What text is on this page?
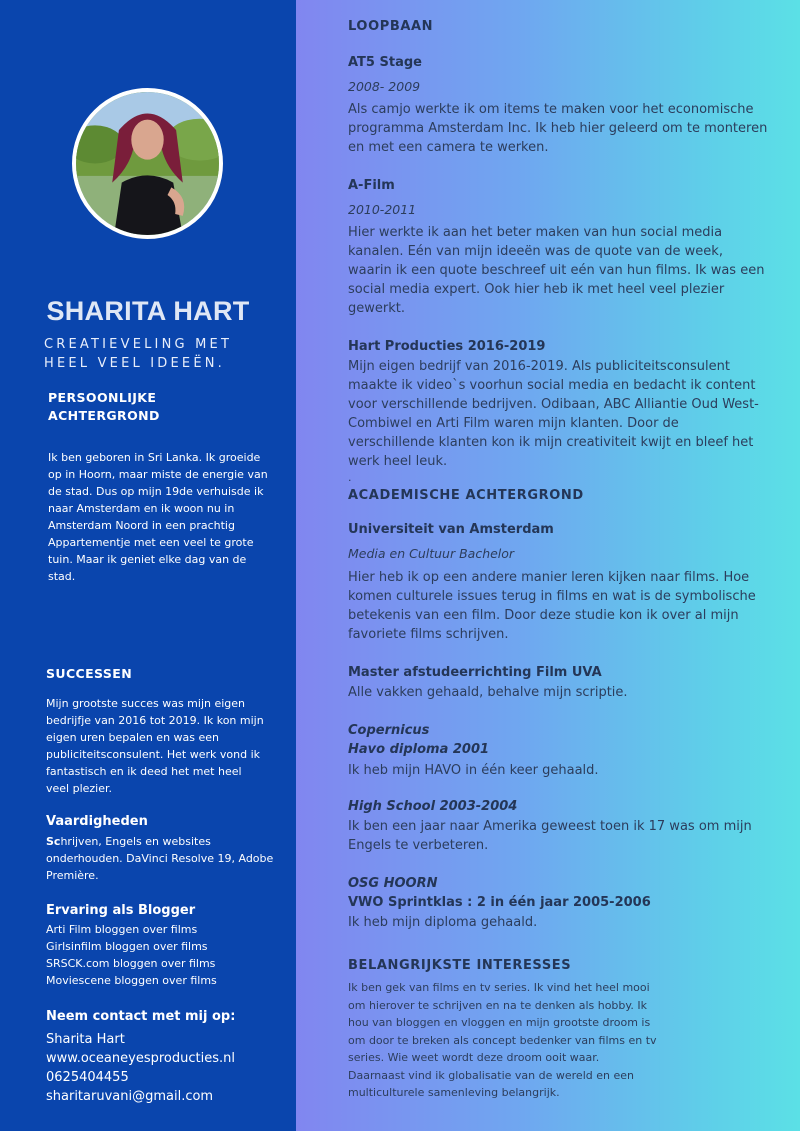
SHARITA HART
CREATIEVELING MET
HEEL VEEL IDEEËN.
PERSOONLIJKE
ACHTERGROND
Ik ben geboren in Sri Lanka. Ik groeide op in Hoorn, maar miste de energie van de stad. Dus op mijn 19de verhuisde ik naar Amsterdam en ik woon nu in Amsterdam Noord in een prachtig Appartementje met een veel te grote tuin. Maar ik geniet elke dag van de stad.
SUCCESSEN
Mijn grootste succes was mijn eigen bedrijfje van 2016 tot 2019. Ik kon mijn eigen uren bepalen en was een publiciteitsconsulent. Het werk vond ik fantastisch en ik deed het met heel veel plezier.
Vaardigheden
Schrijven, Engels en websites onderhouden. DaVinci Resolve 19, Adobe Première.
Ervaring als Blogger
Arti Film bloggen over films
Girlsinfilm bloggen over films
SRSCK.com bloggen over films
Moviescene bloggen over films
Neem contact met mij op:
Sharita Hart
www.oceaneyesproducties.nl
0625404455
sharitaruvani@gmail.com
LOOPBAAN
AT5 Stage
2008- 2009
Als camjo werkte ik om items te maken voor het economische programma Amsterdam Inc. Ik heb hier geleerd om te monteren en met een camera te werken.
A-Film
2010-2011
Hier werkte ik aan het beter maken van hun social media kanalen. Eén van mijn ideeën was de quote van de week, waarin ik een quote beschreef uit eén van hun films. Ik was een social media expert. Ook hier heb ik met heel veel plezier gewerkt.
Hart Producties 2016-2019
Mijn eigen bedrijf van 2016-2019. Als publiciteitsconsulent maakte ik video`s voorhun social media en bedacht ik content voor verschillende bedrijven. Odibaan, ABC Alliantie Oud West- Combiwel en Arti Film waren mijn klanten. Door de verschillende klanten kon ik mijn creativiteit kwijt en bleef het werk heel leuk.
.
ACADEMISCHE ACHTERGROND
Universiteit van Amsterdam
Media en Cultuur Bachelor
Hier heb ik op een andere manier leren kijken naar films. Hoe komen culturele issues terug in films en wat is de symbolische betekenis van een film. Door deze studie kon ik over al mijn favoriete films schrijven.
Master afstudeerrichting Film UVA
Alle vakken gehaald, behalve mijn scriptie.
Copernicus
Havo diploma 2001
Ik heb mijn HAVO in één keer gehaald.
High School 2003-2004
Ik ben een jaar naar Amerika geweest toen ik 17 was om mijn Engels te verbeteren.
OSG HOORN
VWO Sprintklas : 2 in één jaar 2005-2006
Ik heb mijn diploma gehaald.
BELANGRIJKSTE INTERESSES
Ik ben gek van films en tv series. Ik vind het heel mooi om hierover te schrijven en na te denken als hobby. Ik hou van bloggen en vloggen en mijn grootste droom is om door te breken als concept bedenker van films en tv series. Wie weet wordt deze droom ooit waar. Daarnaast vind ik globalisatie van de wereld en een multiculturele samenleving belangrijk.
